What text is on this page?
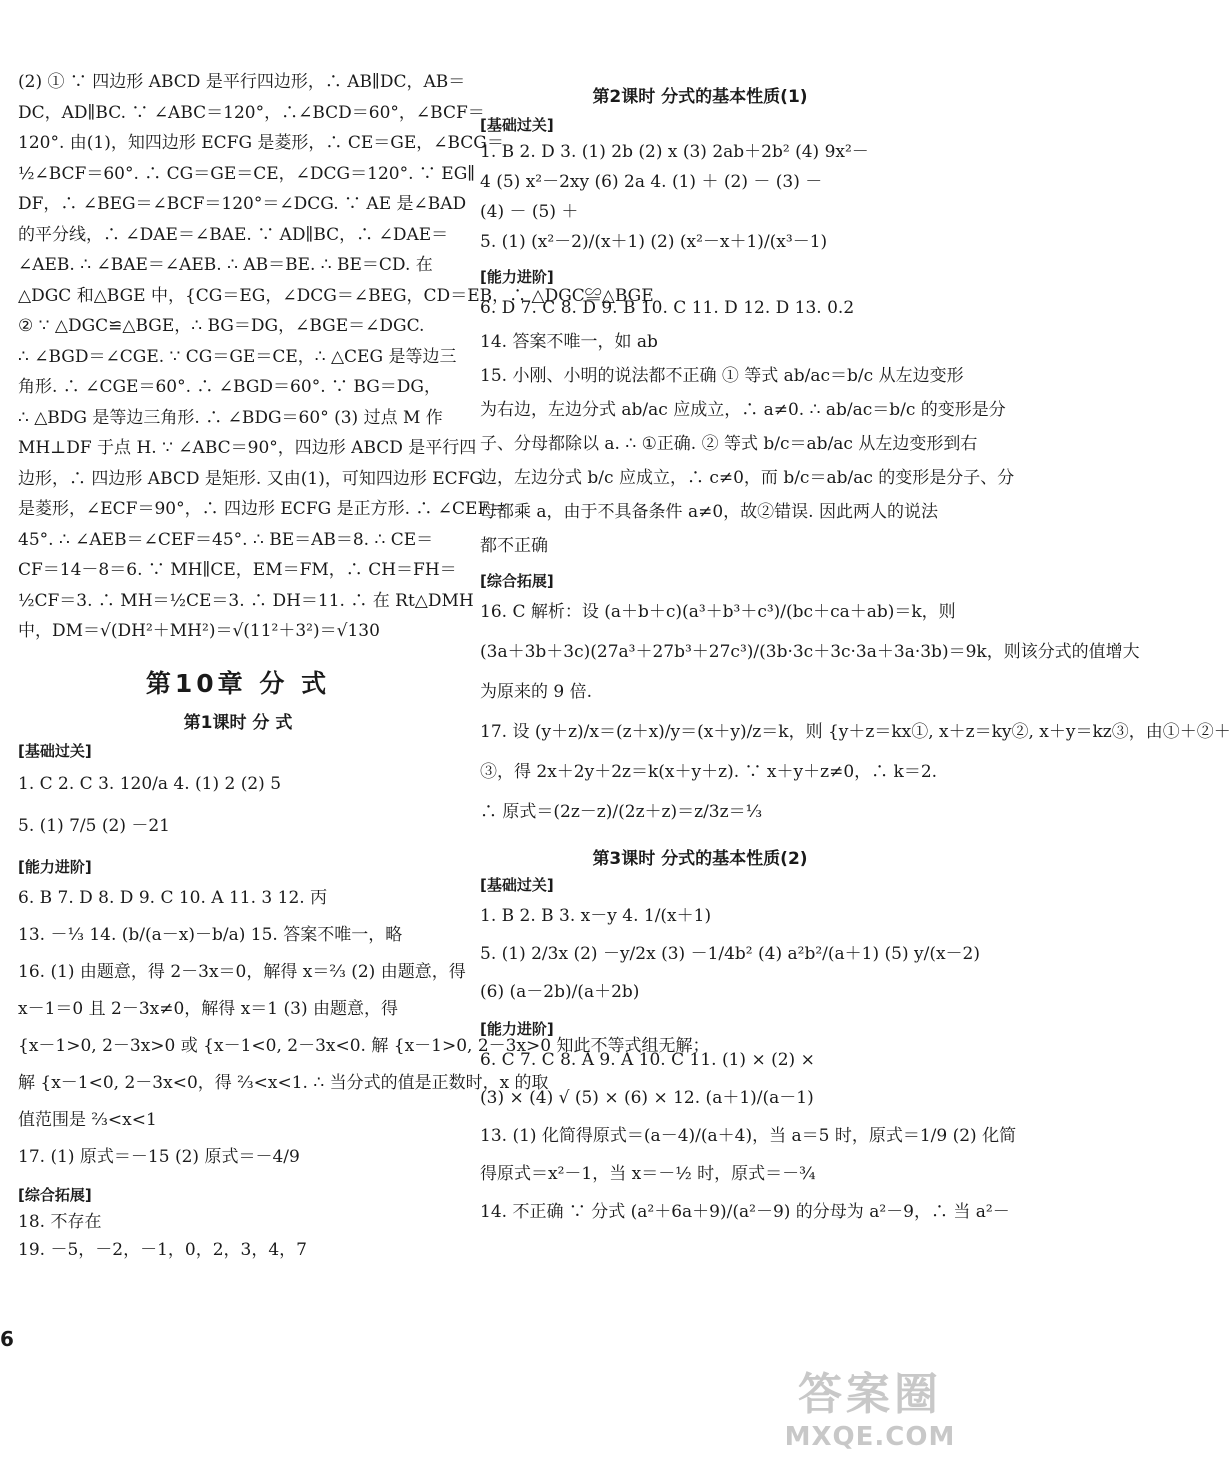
(2) ① ∵ 四边形 ABCD 是平行四边形，∴ AB∥DC，AB＝
DC，AD∥BC. ∵ ∠ABC＝120°，∴∠BCD＝60°，∠BCF＝
120°. 由(1)，知四边形 ECFG 是菱形，∴ CE＝GE，∠BCG＝
½∠BCF＝60°. ∴ CG＝GE＝CE，∠DCG＝120°. ∵ EG∥
DF，∴ ∠BEG＝∠BCF＝120°＝∠DCG. ∵ AE 是∠BAD
的平分线，∴ ∠DAE＝∠BAE. ∵ AD∥BC，∴ ∠DAE＝
∠AEB. ∴ ∠BAE＝∠AEB. ∴ AB＝BE. ∴ BE＝CD. 在
△DGC 和△BGE 中，{CG＝EG，∠DCG＝∠BEG，CD＝EB，∴ △DGC≌△BGE
② ∵ △DGC≌△BGE，∴ BG＝DG，∠BGE＝∠DGC.
∴ ∠BGD＝∠CGE. ∵ CG＝GE＝CE，∴ △CEG 是等边三
角形. ∴ ∠CGE＝60°. ∴ ∠BGD＝60°. ∵ BG＝DG，
∴ △BDG 是等边三角形. ∴ ∠BDG＝60° (3) 过点 M 作
MH⊥DF 于点 H. ∵ ∠ABC＝90°，四边形 ABCD 是平行四
边形，∴ 四边形 ABCD 是矩形. 又由(1)，可知四边形 ECFG
是菱形，∠ECF＝90°，∴ 四边形 ECFG 是正方形. ∴ ∠CEF＝
45°. ∴ ∠AEB＝∠CEF＝45°. ∴ BE＝AB＝8. ∴ CE＝
CF＝14－8＝6. ∵ MH∥CE，EM＝FM，∴ CH＝FH＝
½CF＝3. ∴ MH＝½CE＝3. ∴ DH＝11. ∴ 在 Rt△DMH
中，DM＝√(DH²＋MH²)＝√(11²＋3²)＝√130
第10章 分 式
第1课时 分 式
[基础过关]
1. C 2. C 3. 120/a 4. (1) 2 (2) 5
5. (1) 7/5 (2) －21
[能力进阶]
6. B 7. D 8. D 9. C 10. A 11. 3 12. 丙
13. －⅓ 14. (b/(a－x)－b/a) 15. 答案不唯一，略
16. (1) 由题意，得 2－3x＝0，解得 x＝⅔ (2) 由题意，得
x－1＝0 且 2－3x≠0，解得 x＝1 (3) 由题意，得
{x－1>0, 2－3x>0 或 {x－1<0, 2－3x<0. 解 {x－1>0, 2－3x>0 知此不等式组无解；
解 {x－1<0, 2－3x<0，得 ⅔<x<1. ∴ 当分式的值是正数时，x 的取
值范围是 ⅔<x<1
17. (1) 原式＝－15 (2) 原式＝－4/9
[综合拓展]
18. 不存在
19. －5，－2，－1，0，2，3，4，7
第2课时 分式的基本性质(1)
[基础过关]
1. B 2. D 3. (1) 2b (2) x (3) 2ab＋2b² (4) 9x²－
4 (5) x²－2xy (6) 2a 4. (1) ＋ (2) － (3) －
(4) － (5) ＋
5. (1) (x²－2)/(x＋1) (2) (x²－x＋1)/(x³－1)
[能力进阶]
6. D 7. C 8. D 9. B 10. C 11. D 12. D 13. 0.2
14. 答案不唯一，如 ab
15. 小刚、小明的说法都不正确 ① 等式 ab/ac＝b/c 从左边变形
为右边，左边分式 ab/ac 应成立，∴ a≠0. ∴ ab/ac＝b/c 的变形是分
子、分母都除以 a. ∴ ①正确. ② 等式 b/c＝ab/ac 从左边变形到右
边，左边分式 b/c 应成立，∴ c≠0，而 b/c＝ab/ac 的变形是分子、分
母都乘 a，由于不具备条件 a≠0，故②错误. 因此两人的说法
都不正确
[综合拓展]
16. C 解析：设 (a＋b＋c)(a³＋b³＋c³)/(bc＋ca＋ab)＝k，则
(3a＋3b＋3c)(27a³＋27b³＋27c³)/(3b·3c＋3c·3a＋3a·3b)＝9k，则该分式的值增大
为原来的 9 倍.
17. 设 (y＋z)/x＝(z＋x)/y＝(x＋y)/z＝k，则 {y＋z＝kx①, x＋z＝ky②, x＋y＝kz③，由①＋②＋
③，得 2x＋2y＋2z＝k(x＋y＋z). ∵ x＋y＋z≠0，∴ k＝2.
∴ 原式＝(2z－z)/(2z＋z)＝z/3z＝⅓
第3课时 分式的基本性质(2)
[基础过关]
1. B 2. B 3. x－y 4. 1/(x＋1)
5. (1) 2/3x (2) －y/2x (3) －1/4b² (4) a²b²/(a＋1) (5) y/(x－2)
(6) (a－2b)/(a＋2b)
[能力进阶]
6. C 7. C 8. A 9. A 10. C 11. (1) × (2) ×
(3) × (4) √ (5) × (6) × 12. (a＋1)/(a－1)
13. (1) 化简得原式＝(a－4)/(a＋4)，当 a＝5 时，原式＝1/9 (2) 化简
得原式＝x²－1，当 x＝－½ 时，原式＝－¾
14. 不正确 ∵ 分式 (a²＋6a＋9)/(a²－9) 的分母为 a²－9，∴ 当 a²－
6
答案圈
MXQE.COM
